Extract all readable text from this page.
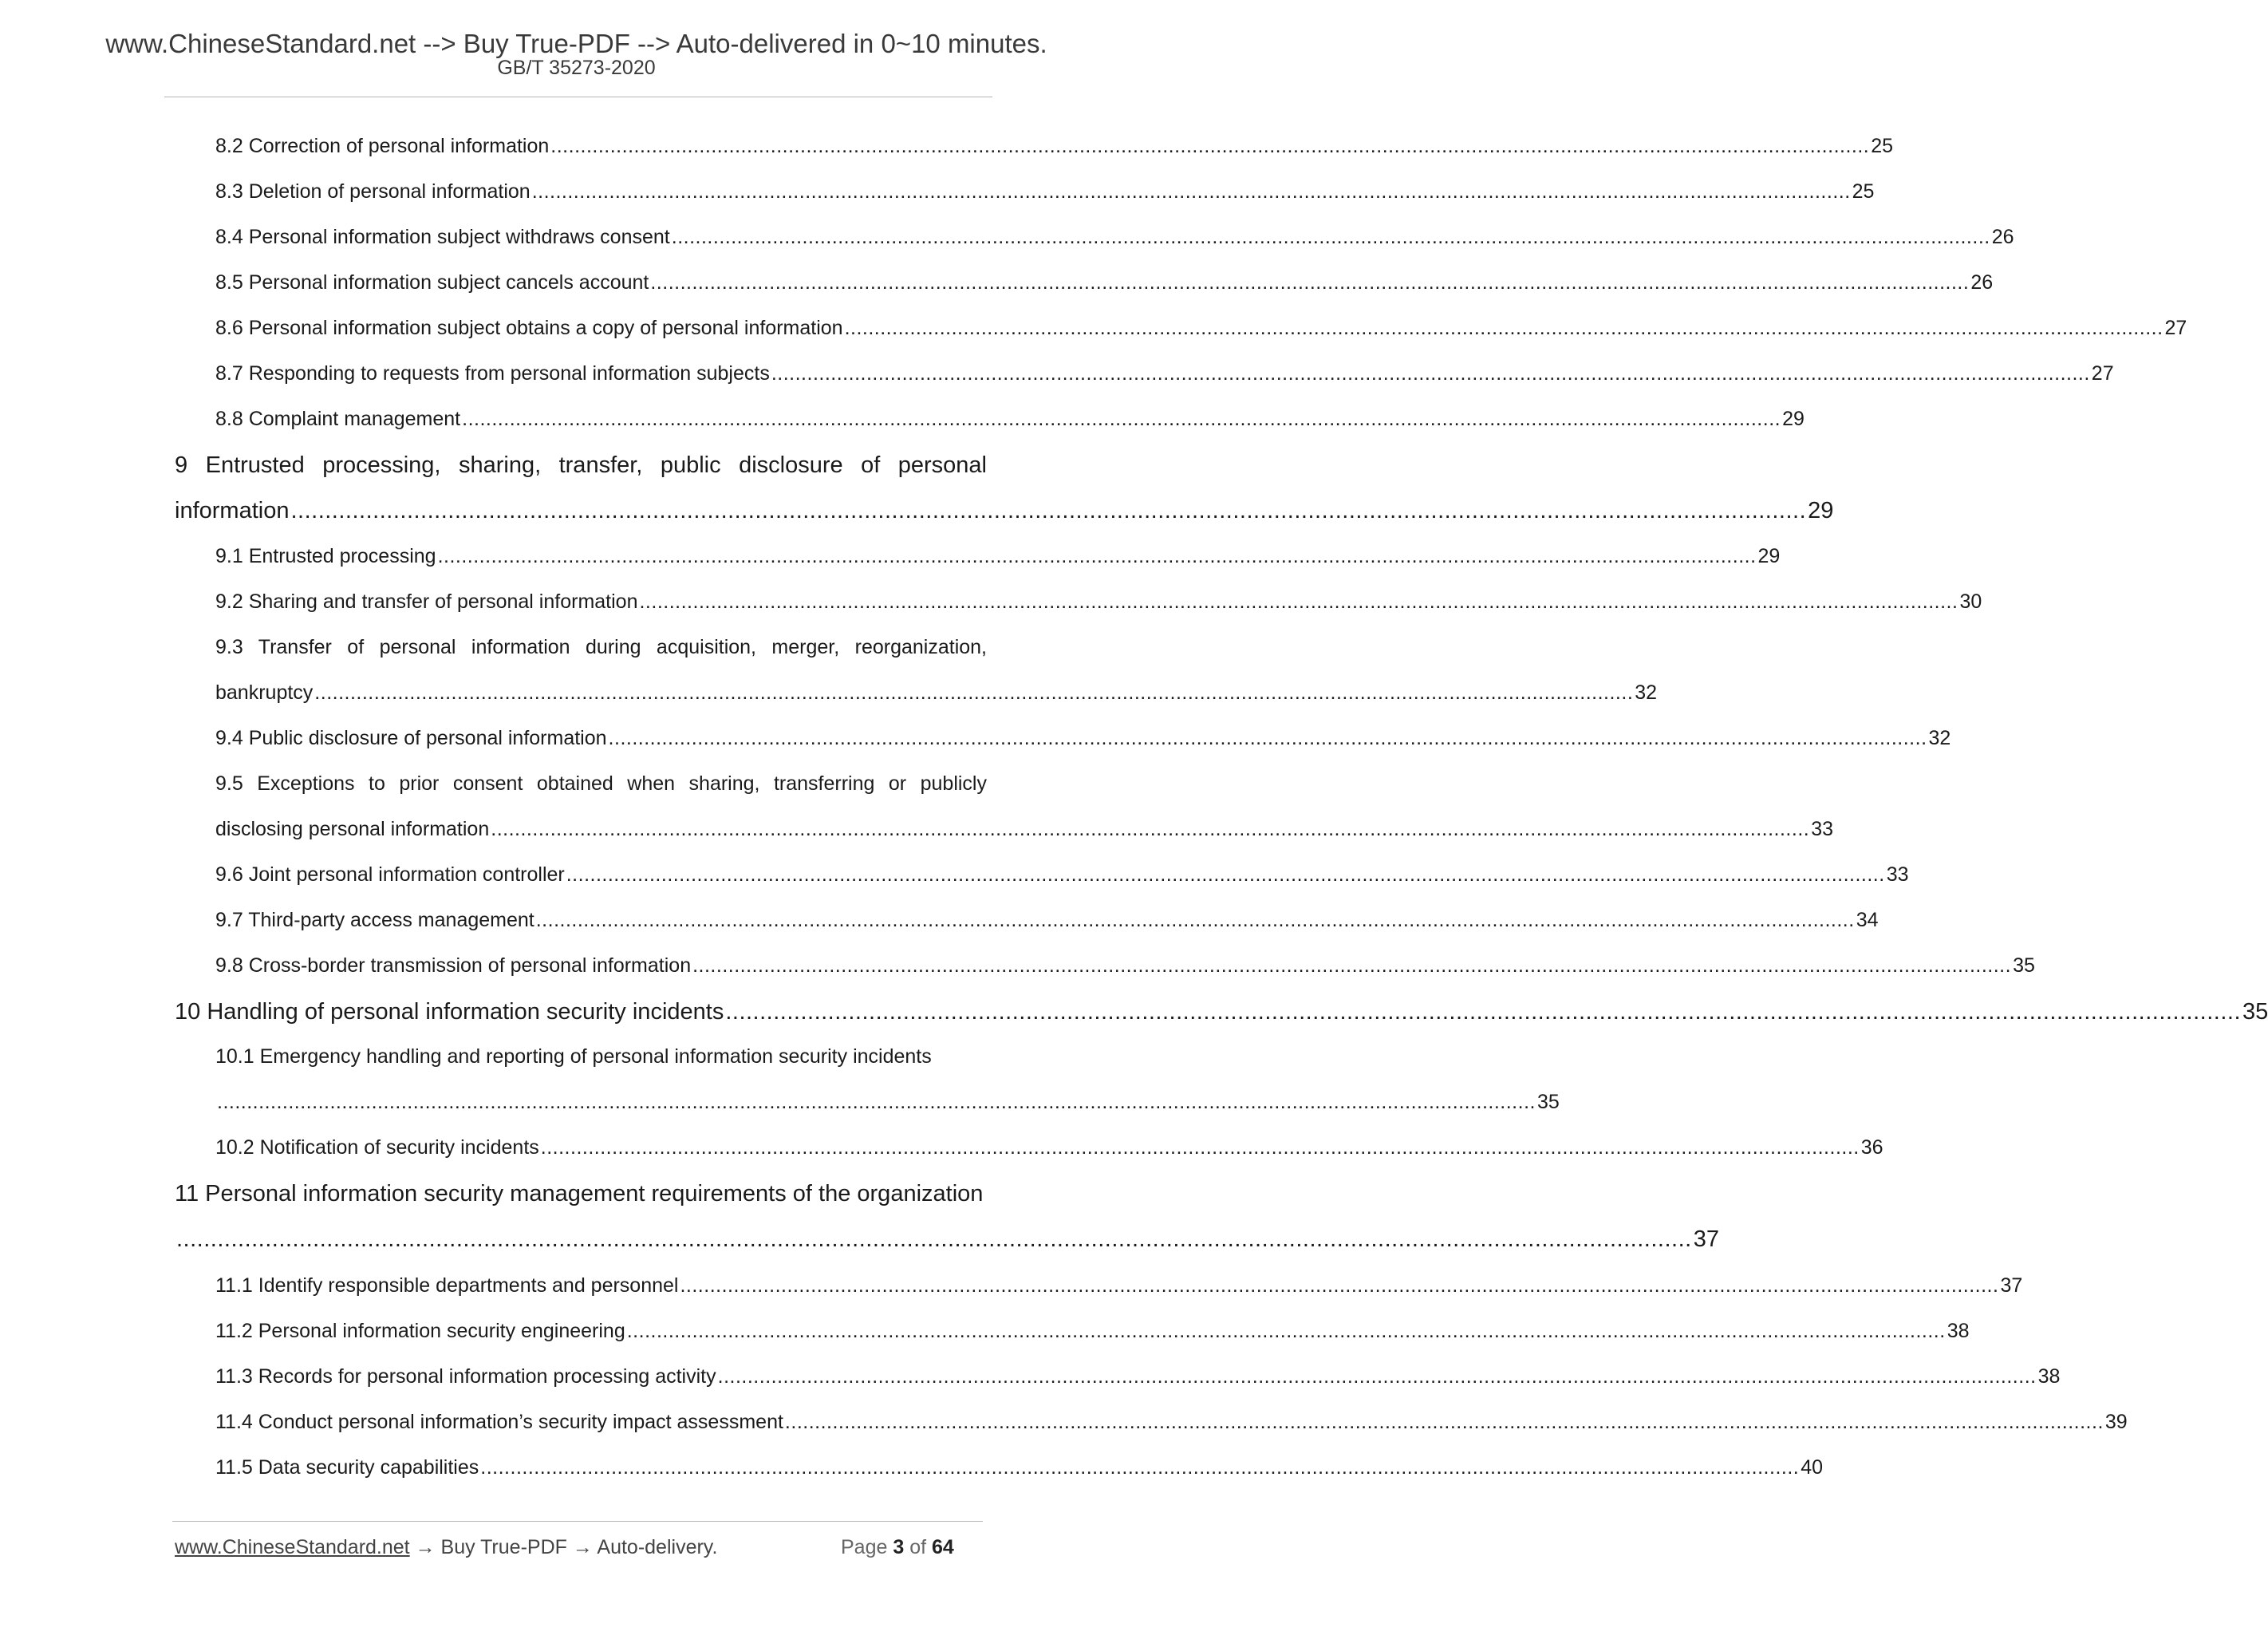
www.ChineseStandard.net --> Buy True-PDF --> Auto-delivered in 0~10 minutes.
GB/T 35273-2020
8.2 Correction of personal information .............................................................................................................................................................................................................................. 25
8.3 Deletion of personal information .............................................................................................................................................................................................................................. 25
8.4 Personal information subject withdraws consent .............................................................................................................................................................................................................................. 26
8.5 Personal information subject cancels account .............................................................................................................................................................................................................................. 26
8.6 Personal information subject obtains a copy of personal information .............................................................................................................................................................................................................................. 27
8.7 Responding to requests from personal information subjects .............................................................................................................................................................................................................................. 27
8.8 Complaint management .............................................................................................................................................................................................................................. 29
9 Entrusted processing, sharing, transfer, public disclosure of personal
information .............................................................................................................................................................................................................................. 29
9.1 Entrusted processing .............................................................................................................................................................................................................................. 29
9.2 Sharing and transfer of personal information .............................................................................................................................................................................................................................. 30
9.3 Transfer of personal information during acquisition, merger, reorganization,
bankruptcy .............................................................................................................................................................................................................................. 32
9.4 Public disclosure of personal information .............................................................................................................................................................................................................................. 32
9.5 Exceptions to prior consent obtained when sharing, transferring or publicly
disclosing personal information .............................................................................................................................................................................................................................. 33
9.6 Joint personal information controller .............................................................................................................................................................................................................................. 33
9.7 Third-party access management .............................................................................................................................................................................................................................. 34
9.8 Cross-border transmission of personal information .............................................................................................................................................................................................................................. 35
10 Handling of personal information security incidents .............................................................................................................................................................................................................................. 35
10.1 Emergency handling and reporting of personal information security incidents
.............................................................................................................................................................................................................................. 35
10.2 Notification of security incidents .............................................................................................................................................................................................................................. 36
11 Personal information security management requirements of the organization
.............................................................................................................................................................................................................................. 37
11.1 Identify responsible departments and personnel .............................................................................................................................................................................................................................. 37
11.2 Personal information security engineering .............................................................................................................................................................................................................................. 38
11.3 Records for personal information processing activity .............................................................................................................................................................................................................................. 38
11.4 Conduct personal information’s security impact assessment .............................................................................................................................................................................................................................. 39
11.5 Data security capabilities .............................................................................................................................................................................................................................. 40
www.ChineseStandard.net → Buy True-PDF → Auto-delivery.	Page 3 of 64
